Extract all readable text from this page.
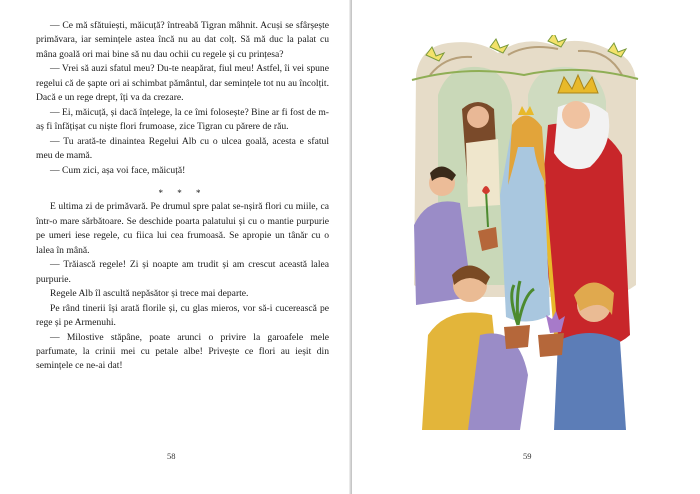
— Ce mă sfătuiești, măicuță? întreabă Tigran mâhnit. Acuși se sfârșește primăvara, iar semințele astea încă nu au dat colț. Să mă duc la palat cu mâna goală ori mai bine să nu dau ochii cu regele și cu prințesa?

— Vrei să auzi sfatul meu? Du-te neapărat, fiul meu! Astfel, îi vei spune regelui că de șapte ori ai schimbat pământul, dar semințele tot nu au încolțit. Dacă e un rege drept, îți va da crezare.

— Ei, măicuță, și dacă înțelege, la ce îmi folosește? Bine ar fi fost de m-aș fi înfățișat cu niște flori frumoase, zice Tigran cu părere de rău.

— Tu arată-te dinaintea Regelui Alb cu o ulcea goală, acesta e sfatul meu de mamă.

— Cum zici, așa voi face, măicuță!

* * *

E ultima zi de primăvară. Pe drumul spre palat se-nșiră flori cu miile, ca într-o mare sărbătoare. Se deschide poarta palatului și cu o mantie purpurie pe umeri iese regele, cu fiica lui cea frumoasă. Se apropie un tânăr cu o lalea în mână.

— Trăiască regele! Zi și noapte am trudit și am crescut această lalea purpurie.

Regele Alb îl ascultă nepăsător și trece mai departe.

Pe rând tinerii își arată florile și, cu glas mieros, vor să-i cucerească pe rege și pe Armenuhi.

— Milostive stăpâne, poate arunci o privire la garoafele mele parfumate, la crinii mei cu petale albe! Privește ce flori au ieșit din semințele ce ne-ai dat!

58	59
